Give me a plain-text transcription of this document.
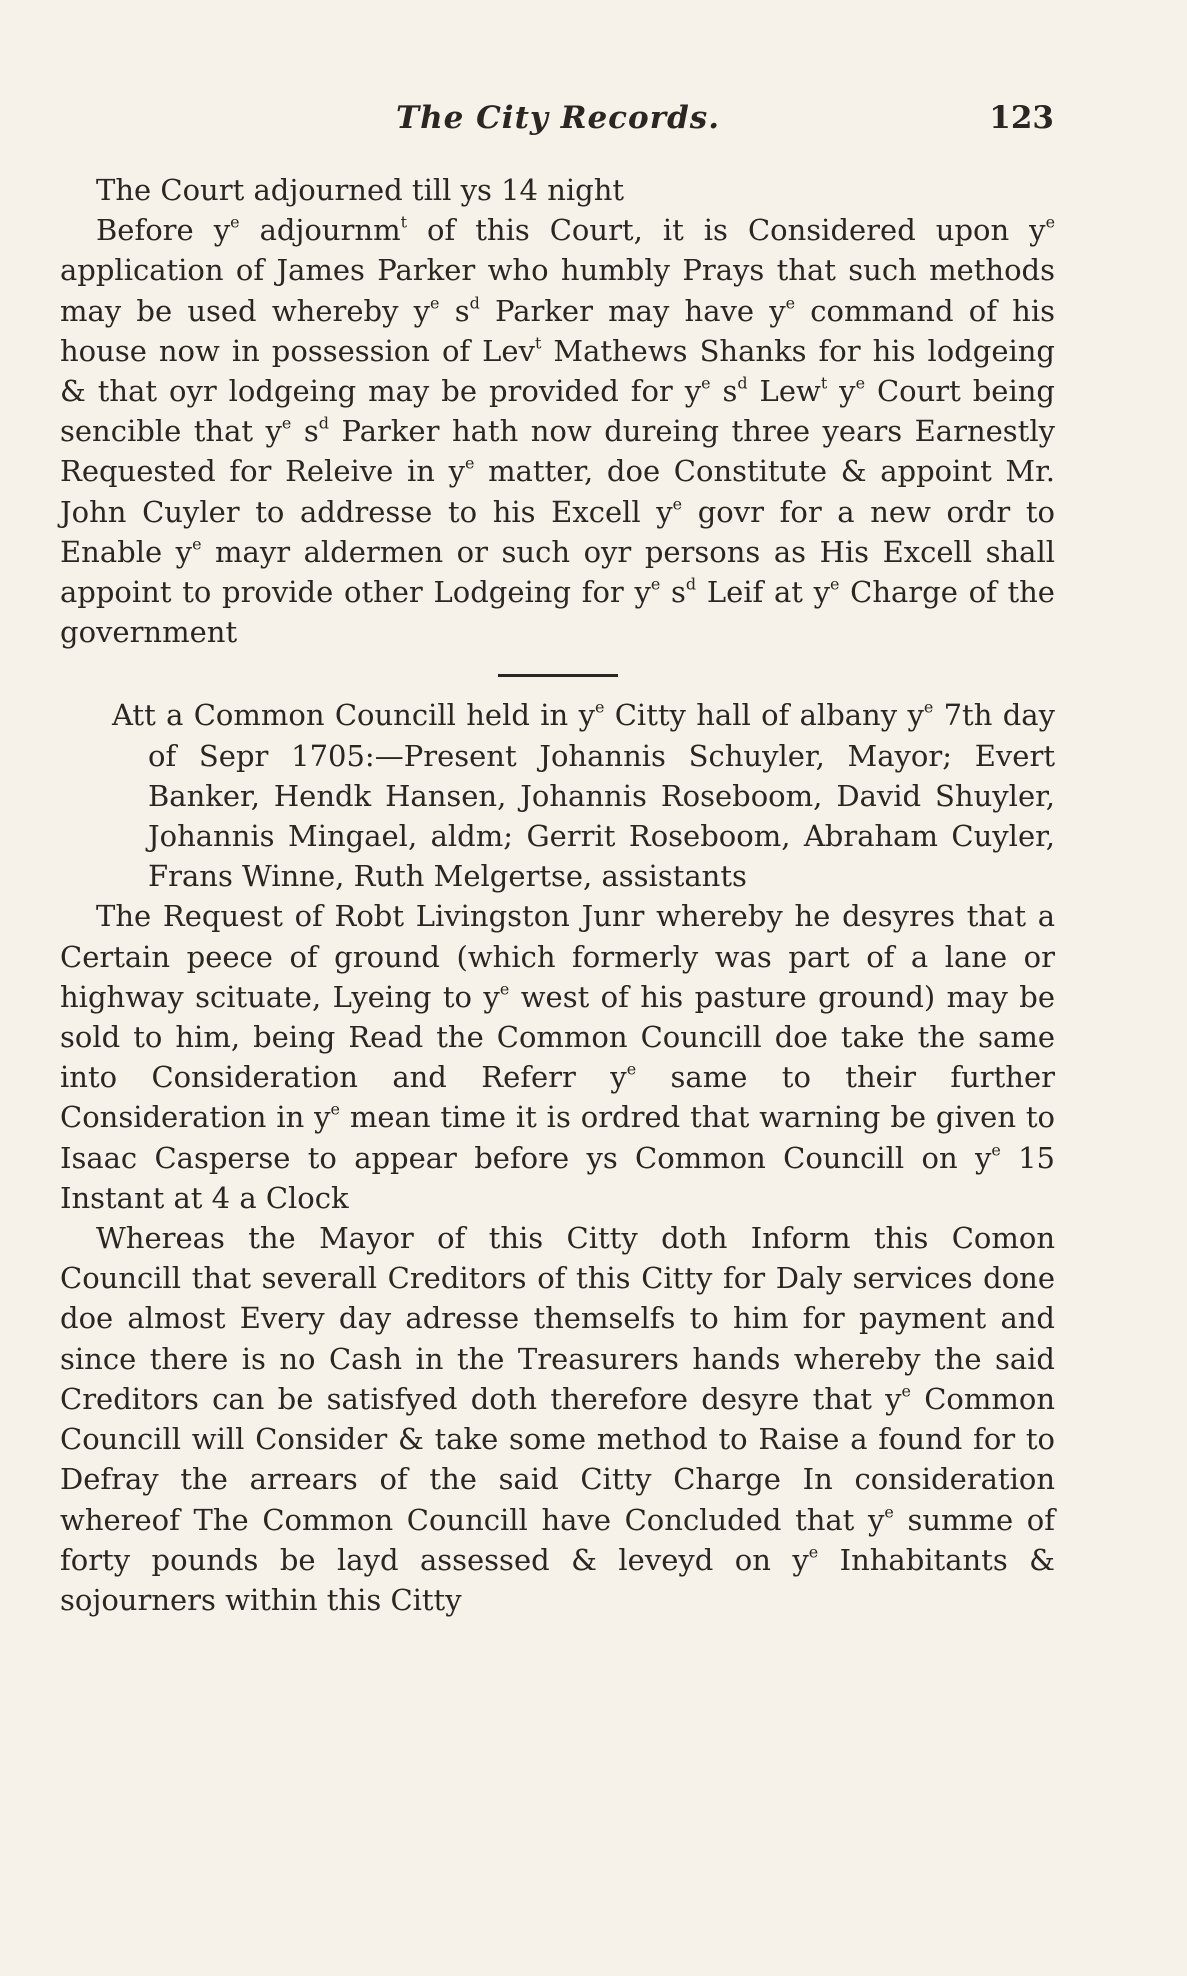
The City Records.	123

The Court adjourned till ys 14 night

Before $y^e$ adjournm$^t$ of this Court, it is Considered upon $y^e$ application of James Parker who humbly Prays that such methods may be used whereby $y^e$ $s^d$ Parker may have $y^e$ command of his house now in possession of Lev$^t$ Mathews Shanks for his lodgeing & that oyr lodgeing may be provided for $y^e$ $s^d$ Lew$^t$ $y^e$ Court being sencible that $y^e$ $s^d$ Parker hath now dureing three years Earnestly Requested for Releive in $y^e$ matter, doe Constitute & appoint Mr. John Cuyler to addresse to his Excell $y^e$ govr for a new ordr to Enable $y^e$ mayr aldermen or such oyr persons as His Excell shall appoint to provide other Lodgeing for $y^e$ $s^d$ Leif at $y^e$ Charge of the government

Att a Common Councill held in $y^e$ Citty hall of albany $y^e$ 7th day of Sepr 1705:—Present Johannis Schuyler, Mayor; Evert Banker, Hendk Hansen, Johannis Roseboom, David Shuyler, Johannis Mingael, aldm; Gerrit Roseboom, Abraham Cuyler, Frans Winne, Ruth Melgertse, assistants

The Request of Robt Livingston Junr whereby he desyres that a Certain peece of ground (which formerly was part of a lane or highway scituate, Lyeing to $y^e$ west of his pasture ground) may be sold to him, being Read the Common Councill doe take the same into Consideration and Referr $y^e$ same to their further Consideration in $y^e$ mean time it is ordred that warning be given to Isaac Casperse to appear before ys Common Councill on $y^e$ 15 Instant at 4 a Clock

Whereas the Mayor of this Citty doth Inform this Comon Councill that severall Creditors of this Citty for Daly services done doe almost Every day adresse themselfs to him for payment and since there is no Cash in the Treasurers hands whereby the said Creditors can be satisfyed doth therefore desyre that $y^e$ Common Councill will Consider & take some method to Raise a found for to Defray the arrears of the said Citty Charge In consideration whereof The Common Councill have Concluded that $y^e$ summe of forty pounds be layd assessed & leveyd on $y^e$ Inhabitants & sojourners within this Citty
